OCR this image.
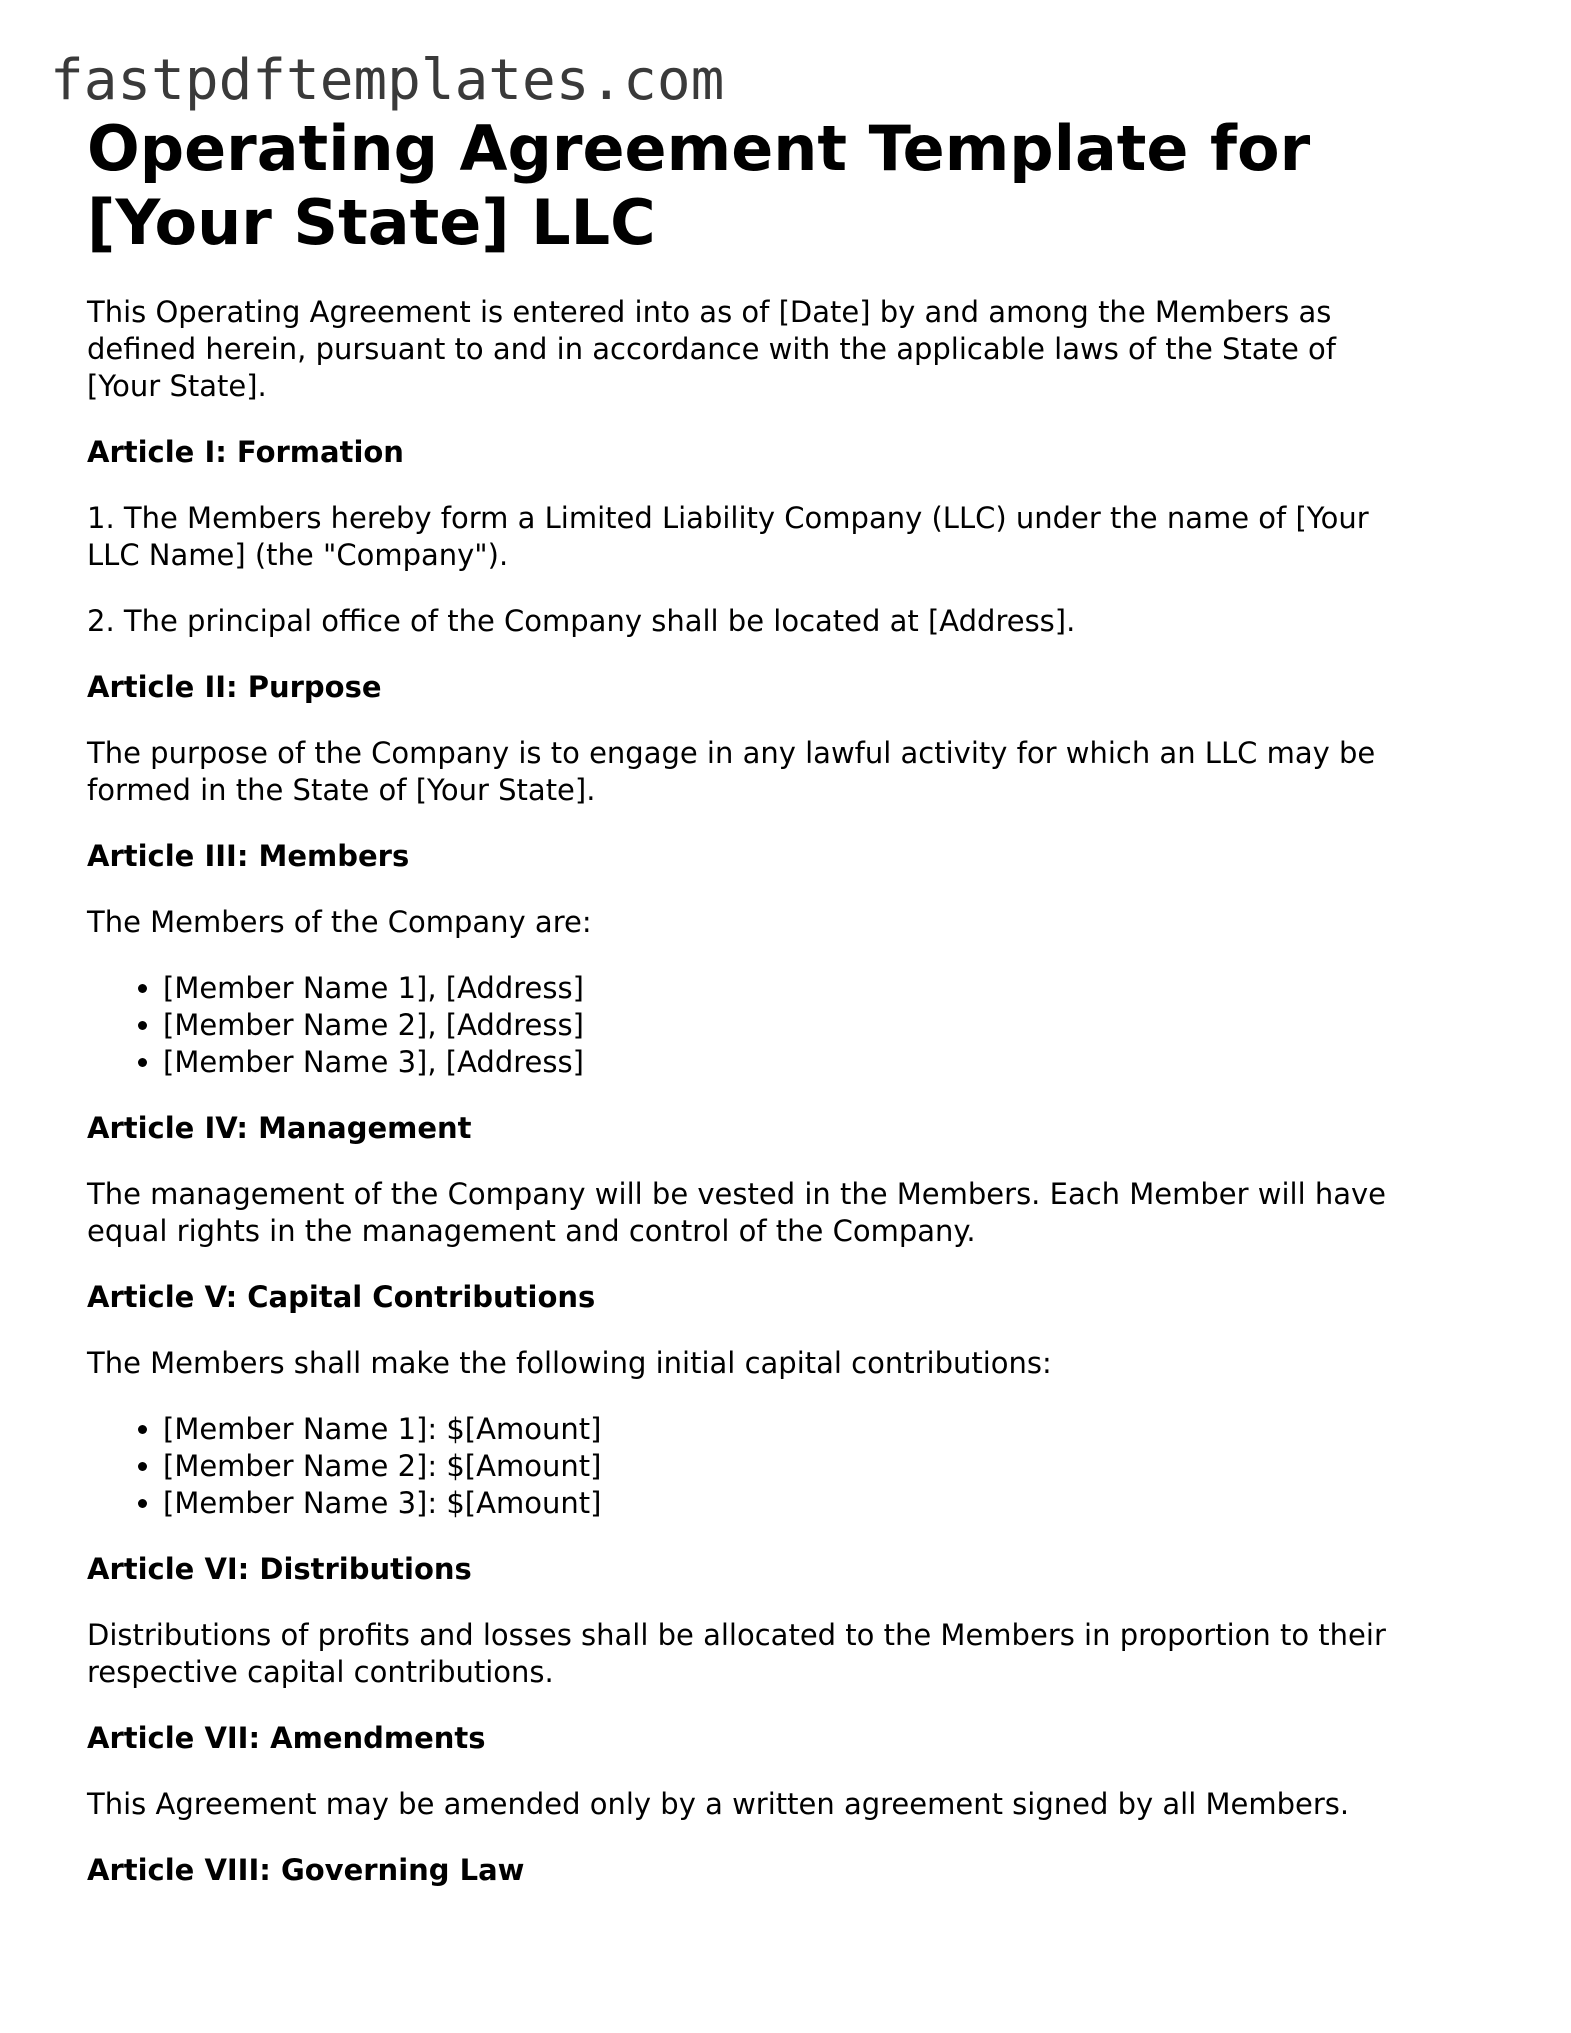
fastpdftemplates.com
Operating Agreement Template for
[Your State] LLC

This Operating Agreement is entered into as of [Date] by and among the Members as
defined herein, pursuant to and in accordance with the applicable laws of the State of
[Your State].

Article I: Formation

1. The Members hereby form a Limited Liability Company (LLC) under the name of [Your
LLC Name] (the "Company").

2. The principal office of the Company shall be located at [Address].

Article II: Purpose

The purpose of the Company is to engage in any lawful activity for which an LLC may be
formed in the State of [Your State].

Article III: Members

The Members of the Company are:

• [Member Name 1], [Address]
• [Member Name 2], [Address]
• [Member Name 3], [Address]
Article IV: Management

The management of the Company will be vested in the Members. Each Member will have
equal rights in the management and control of the Company.

Article V: Capital Contributions

The Members shall make the following initial capital contributions:

• [Member Name 1]: $[Amount]
• [Member Name 2]: $[Amount]
• [Member Name 3]: $[Amount]
Article VI: Distributions

Distributions of profits and losses shall be allocated to the Members in proportion to their
respective capital contributions.

Article VII: Amendments

This Agreement may be amended only by a written agreement signed by all Members.

Article VIII: Governing Law
